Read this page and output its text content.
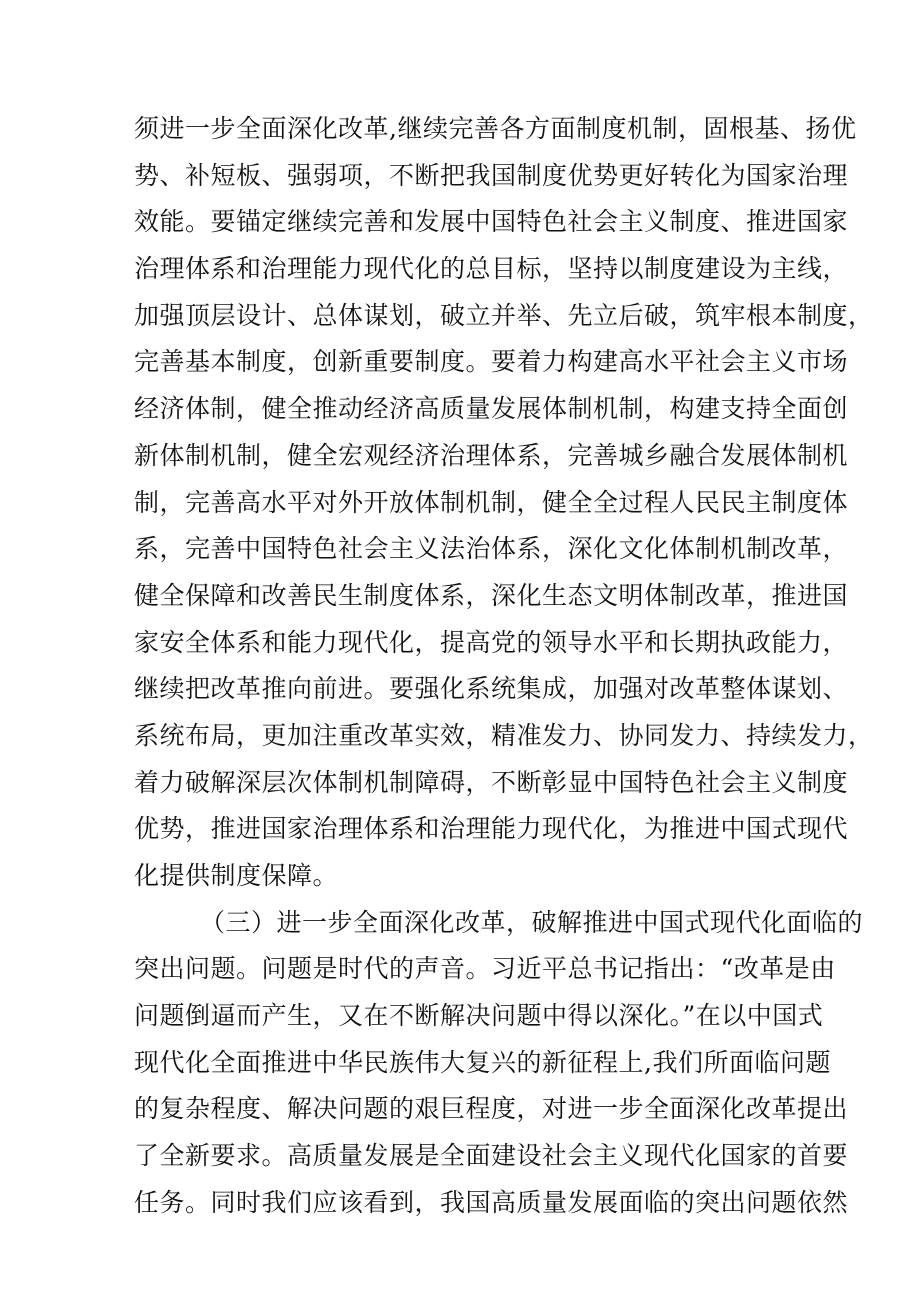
须进一步全面深化改革,继续完善各方面制度机制，固根基、扬优
势、补短板、强弱项，不断把我国制度优势更好转化为国家治理
效能。要锚定继续完善和发展中国特色社会主义制度、推进国家
治理体系和治理能力现代化的总目标，坚持以制度建设为主线，
加强顶层设计、总体谋划，破立并举、先立后破，筑牢根本制度，
完善基本制度，创新重要制度。要着力构建高水平社会主义市场
经济体制，健全推动经济高质量发展体制机制，构建支持全面创
新体制机制，健全宏观经济治理体系，完善城乡融合发展体制机
制，完善高水平对外开放体制机制，健全全过程人民民主制度体
系，完善中国特色社会主义法治体系，深化文化体制机制改革，
健全保障和改善民生制度体系，深化生态文明体制改革，推进国
家安全体系和能力现代化，提高党的领导水平和长期执政能力，
继续把改革推向前进。要强化系统集成，加强对改革整体谋划、
系统布局，更加注重改革实效，精准发力、协同发力、持续发力，
着力破解深层次体制机制障碍，不断彰显中国特色社会主义制度
优势，推进国家治理体系和治理能力现代化，为推进中国式现代
化提供制度保障。
（三）进一步全面深化改革，破解推进中国式现代化面临的
突出问题。问题是时代的声音。习近平总书记指出：“改革是由
问题倒逼而产生，又在不断解决问题中得以深化。”在以中国式
现代化全面推进中华民族伟大复兴的新征程上,我们所面临问题
的复杂程度、解决问题的艰巨程度，对进一步全面深化改革提出
了全新要求。高质量发展是全面建设社会主义现代化国家的首要
任务。同时我们应该看到，我国高质量发展面临的突出问题依然
